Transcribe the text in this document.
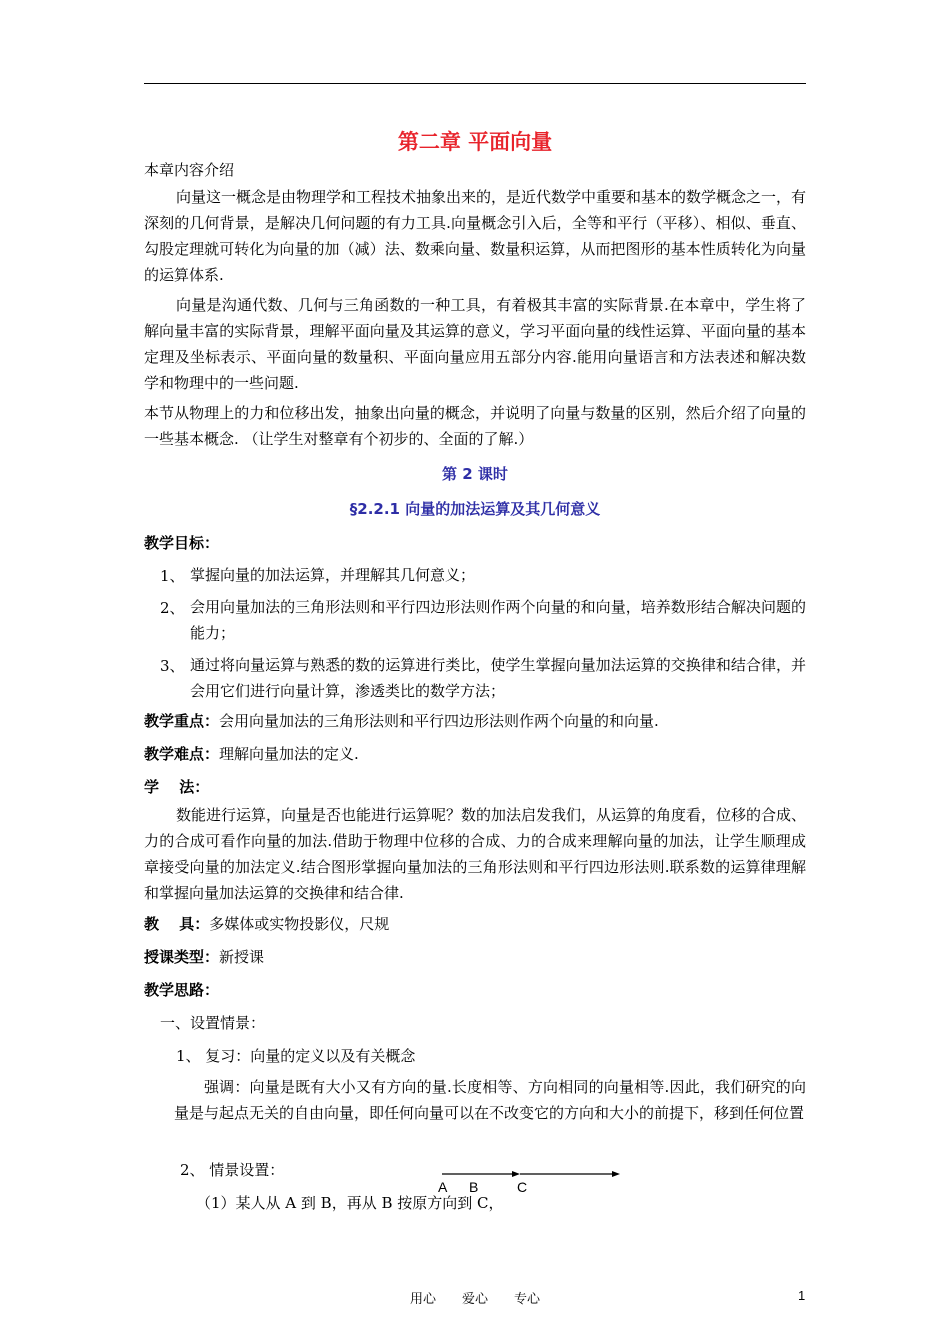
第二章 平面向量
本章内容介绍
向量这一概念是由物理学和工程技术抽象出来的，是近代数学中重要和基本的数学概念之一，有深刻的几何背景，是解决几何问题的有力工具.向量概念引入后，全等和平行（平移）、相似、垂直、勾股定理就可转化为向量的加（减）法、数乘向量、数量积运算，从而把图形的基本性质转化为向量的运算体系.
向量是沟通代数、几何与三角函数的一种工具，有着极其丰富的实际背景.在本章中，学生将了解向量丰富的实际背景，理解平面向量及其运算的意义，学习平面向量的线性运算、平面向量的基本定理及坐标表示、平面向量的数量积、平面向量应用五部分内容.能用向量语言和方法表述和解决数学和物理中的一些问题.
本节从物理上的力和位移出发，抽象出向量的概念，并说明了向量与数量的区别，然后介绍了向量的一些基本概念. （让学生对整章有个初步的、全面的了解.）
第 2 课时
§2.2.1 向量的加法运算及其几何意义
教学目标：
1、 掌握向量的加法运算，并理解其几何意义；
2、 会用向量加法的三角形法则和平行四边形法则作两个向量的和向量，培养数形结合解决问题的能力；
3、 通过将向量运算与熟悉的数的运算进行类比，使学生掌握向量加法运算的交换律和结合律，并会用它们进行向量计算，渗透类比的数学方法；
教学重点：会用向量加法的三角形法则和平行四边形法则作两个向量的和向量.
教学难点：理解向量加法的定义.
学　 法：
数能进行运算，向量是否也能进行运算呢？数的加法启发我们，从运算的角度看，位移的合成、力的合成可看作向量的加法.借助于物理中位移的合成、力的合成来理解向量的加法，让学生顺理成章接受向量的加法定义.结合图形掌握向量加法的三角形法则和平行四边形法则.联系数的运算律理解和掌握向量加法运算的交换律和结合律.
教　 具：多媒体或实物投影仪，尺规
授课类型：新授课
教学思路：
一、设置情景：
1、 复习：向量的定义以及有关概念
强调：向量是既有大小又有方向的量.长度相等、方向相同的向量相等.因此，我们研究的向量是与起点无关的自由向量，即任何向量可以在不改变它的方向和大小的前提下，移到任何位置
2、 情景设置：
（1）某人从 A 到 B，再从 B 按原方向到 C，
A B	C
用心　　爱心　　专心	1
